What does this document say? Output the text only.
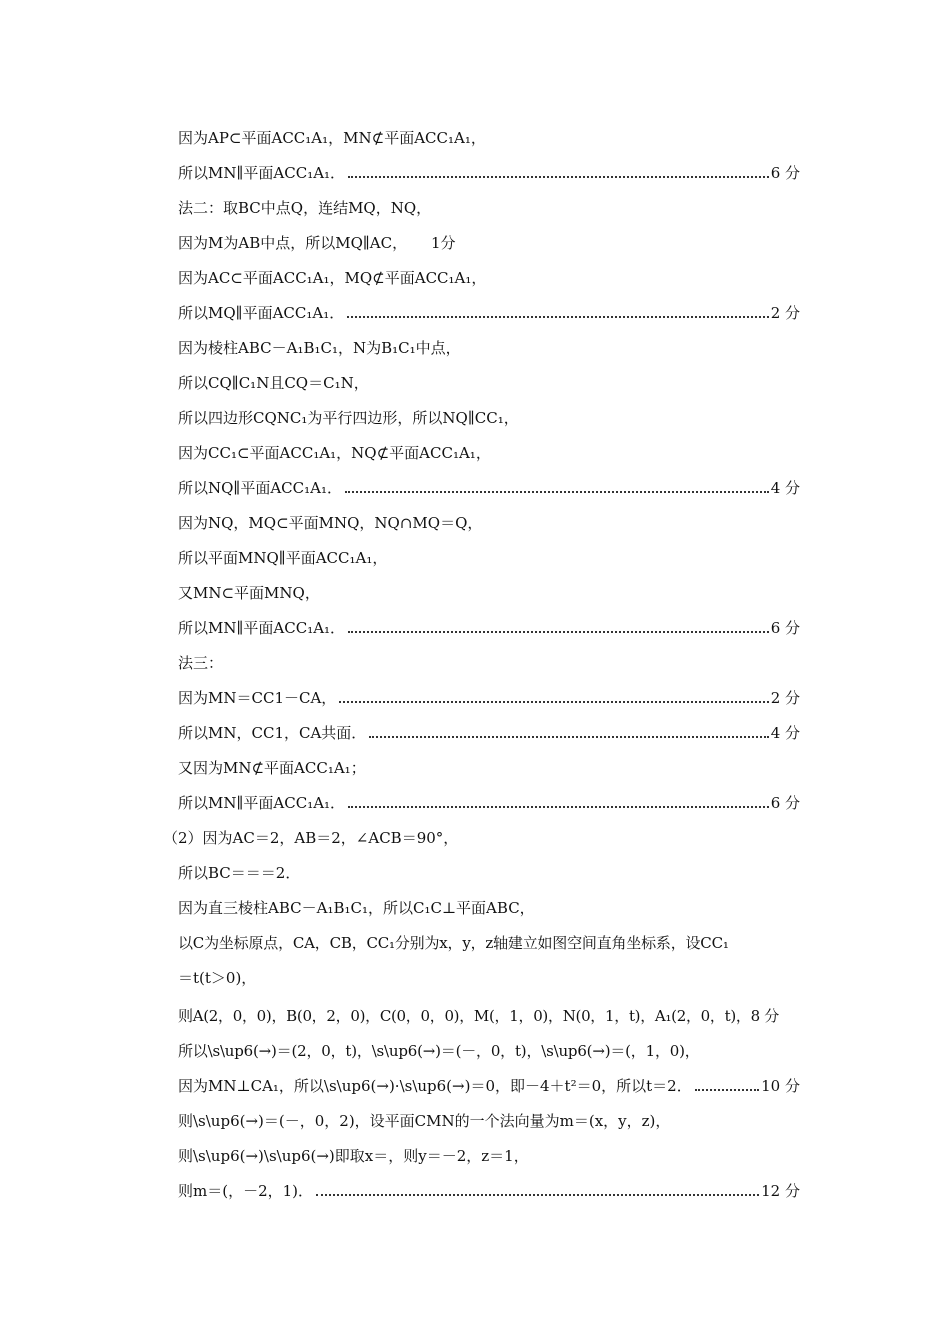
因为AP⊂平面ACC₁A₁，MN⊄平面ACC₁A₁，
所以MN∥平面ACC₁A₁．	6 分
法二：取BC中点Q，连结MQ，NQ，
因为M为AB中点，所以MQ∥AC，     1分
因为AC⊂平面ACC₁A₁，MQ⊄平面ACC₁A₁，
所以MQ∥平面ACC₁A₁．	2 分
因为棱柱ABC－A₁B₁C₁，N为B₁C₁中点，
所以CQ∥C₁N且CQ＝C₁N，
所以四边形CQNC₁为平行四边形，所以NQ∥CC₁，
因为CC₁⊂平面ACC₁A₁，NQ⊄平面ACC₁A₁，
所以NQ∥平面ACC₁A₁．	4 分
因为NQ，MQ⊂平面MNQ，NQ∩MQ＝Q，
所以平面MNQ∥平面ACC₁A₁，
又MN⊂平面MNQ，
所以MN∥平面ACC₁A₁．	6 分
法三：
因为MN＝CC1－CA，	2 分
所以MN，CC1，CA共面．	4 分
又因为MN⊄平面ACC₁A₁；
所以MN∥平面ACC₁A₁．	6 分
（2）因为AC＝2，AB＝2，∠ACB＝90°，
所以BC＝＝＝2．
因为直三棱柱ABC－A₁B₁C₁，所以C₁C⊥平面ABC，
以C为坐标原点，CA，CB，CC₁分别为x，y，z轴建立如图空间直角坐标系，设CC₁
＝t(t＞0)，
则A(2，0，0)，B(0，2，0)，C(0，0，0)，M(，1，0)，N(0，1，t)，A₁(2，0，t)，8 分
所以\s\up6(→)＝(2，0，t)，\s\up6(→)＝(－，0，t)，\s\up6(→)＝(，1，0)，
因为MN⊥CA₁，所以\s\up6(→)·\s\up6(→)＝0，即－4＋t²＝0，所以t＝2．	10 分
则\s\up6(→)＝(－，0，2)，设平面CMN的一个法向量为m＝(x，y，z)，
则\s\up6(→)\s\up6(→)即取x＝，则y＝－2，z＝1，
则m＝(，－2，1)．	12 分
